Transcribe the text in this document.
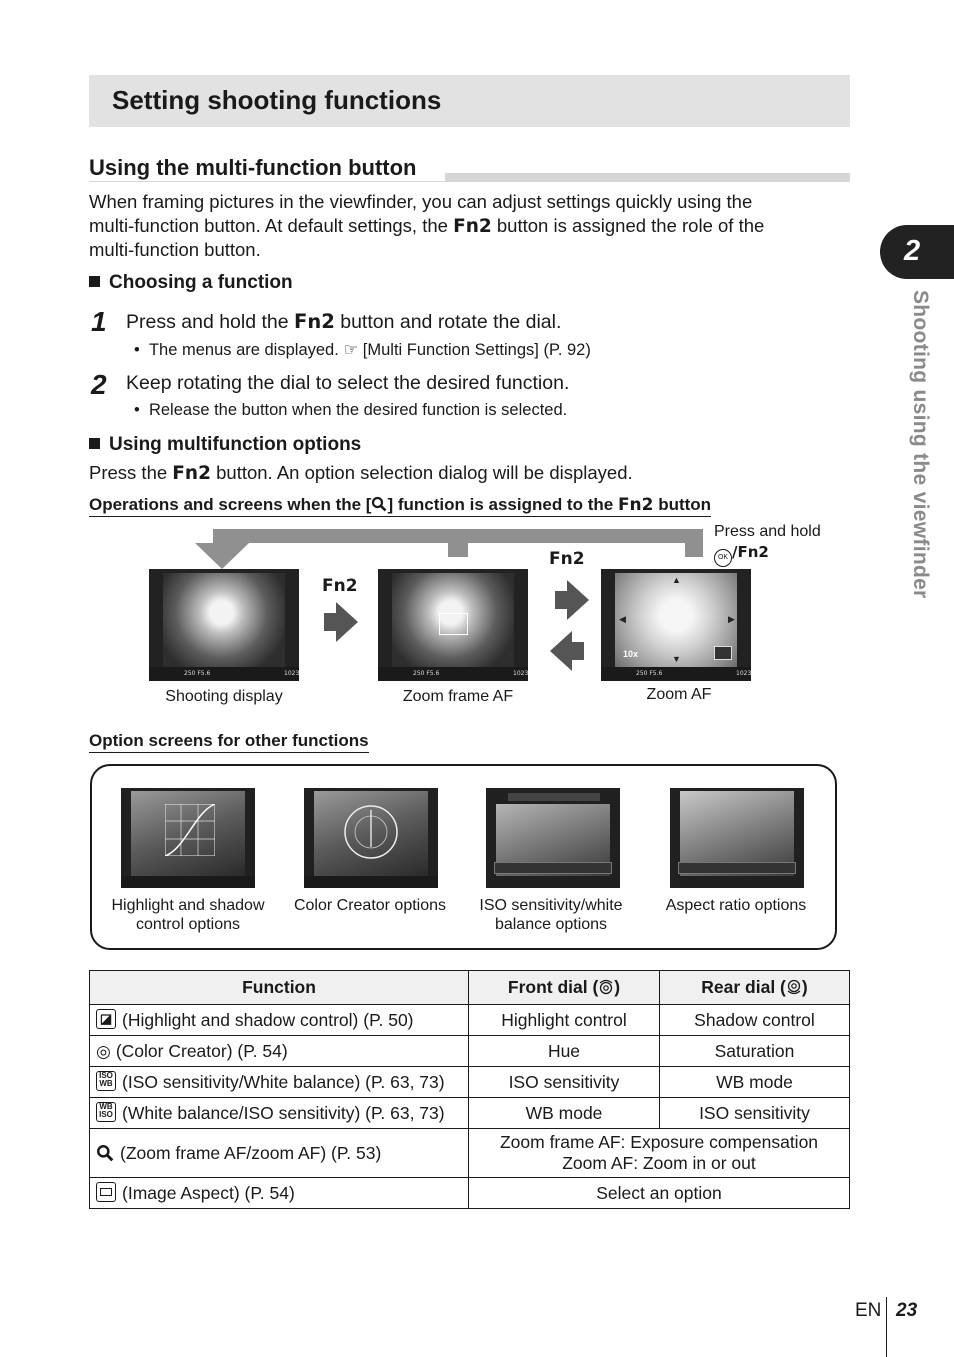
Setting shooting functions
Using the multi-function button
When framing pictures in the viewfinder, you can adjust settings quickly using the
multi-function button. At default settings, the Fn2 button is assigned the role of the
multi-function button.
Choosing a function
1 Press and hold the Fn2 button and rotate the dial.
•  The menus are displayed. ☞ [Multi Function Settings] (P. 92)
2 Keep rotating the dial to select the desired function.
•  Release the button when the desired function is selected.
Using multifunction options
Press the Fn2 button. An option selection dialog will be displayed.
Operations and screens when the [ ] function is assigned to the Fn2 button
Press and hold
OK /Fn2
Fn2
Fn2
250 F5.6	1023
Shooting display
250 F5.6	1023
Zoom frame AF
▲
▼
◀	▶
10x
250 F5.6	1023
Zoom AF
Option screens for other functions
Highlight and shadow
control options
Color Creator options	ISO sensitivity/white
balance options
Aspect ratio options
Function	Front dial ( )	Rear dial ( )
◪ (Highlight and shadow control) (P. 50)	Highlight control	Shadow control
◎ (Color Creator) (P. 54)	Hue	Saturation
ISO WB (ISO sensitivity/White balance) (P. 63, 73)	ISO sensitivity	WB mode
WB ISO (White balance/ISO sensitivity) (P. 63, 73)	WB mode	ISO sensitivity
(Zoom frame AF/zoom AF) (P. 53)	Zoom frame AF: Exposure compensation
Zoom AF: Zoom in or out	

(Image Aspect) (P. 54)	Select an option	
2
Shooting using the viewfinder
EN 23
